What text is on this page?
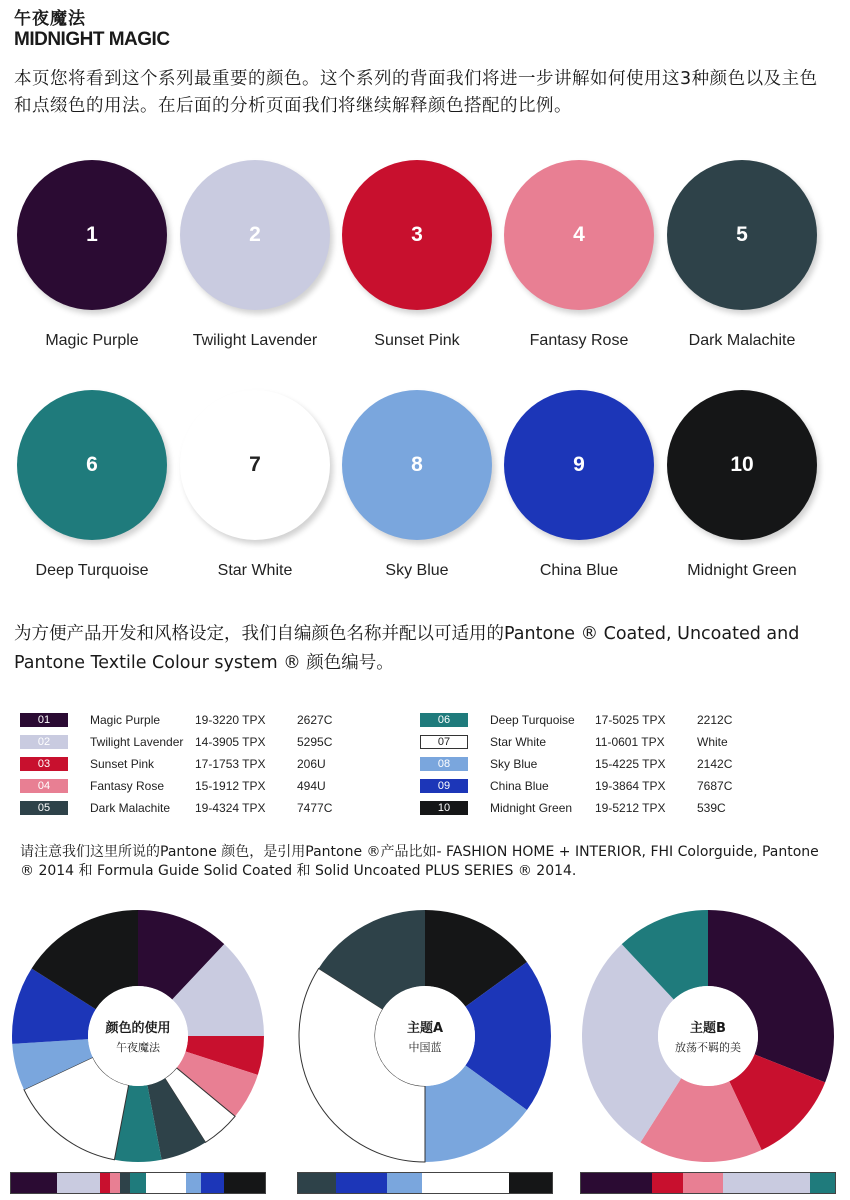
午夜魔法
MIDNIGHT MAGIC
本页您将看到这个系列最重要的颜色。这个系列的背面我们将进一步讲解如何使用这3种颜色以及主色和点缀色的用法。在后面的分析页面我们将继续解释颜色搭配的比例。
1
Magic Purple
2
Twilight Lavender
3
Sunset Pink
4
Fantasy Rose
5
Dark Malachite
6
Deep Turquoise
7
Star White
8
Sky Blue
9
China Blue
10
Midnight Green
为方便产品开发和风格设定，我们自编颜色名称并配以可适用的Pantone ® Coated, Uncoated and Pantone Textile Colour system ® 颜色编号。
01	Magic Purple	19-3220 TPX	2627C
02	Twilight Lavender 14-3905 TPX	5295C
03	Sunset Pink	17-1753 TPX	206U
04	Fantasy Rose	15-1912 TPX	494U
05	Dark Malachite 19-4324 TPX	7477C
06	Deep Turquoise 17-5025 TPX	2212C
07	Star White	11-0601 TPX	White
08	Sky Blue	15-4225 TPX	2142C
09	China Blue	19-3864 TPX	7687C
10	Midnight Green 19-5212 TPX	539C
请注意我们这里所说的Pantone 颜色，是引用Pantone ®产品比如- FASHION HOME + INTERIOR, FHI Colorguide, Pantone ® 2014 和 Formula Guide Solid Coated 和 Solid Uncoated PLUS SERIES ® 2014.
颜色的使用
午夜魔法
主题A
中国蓝
主题B
放荡不羁的美
